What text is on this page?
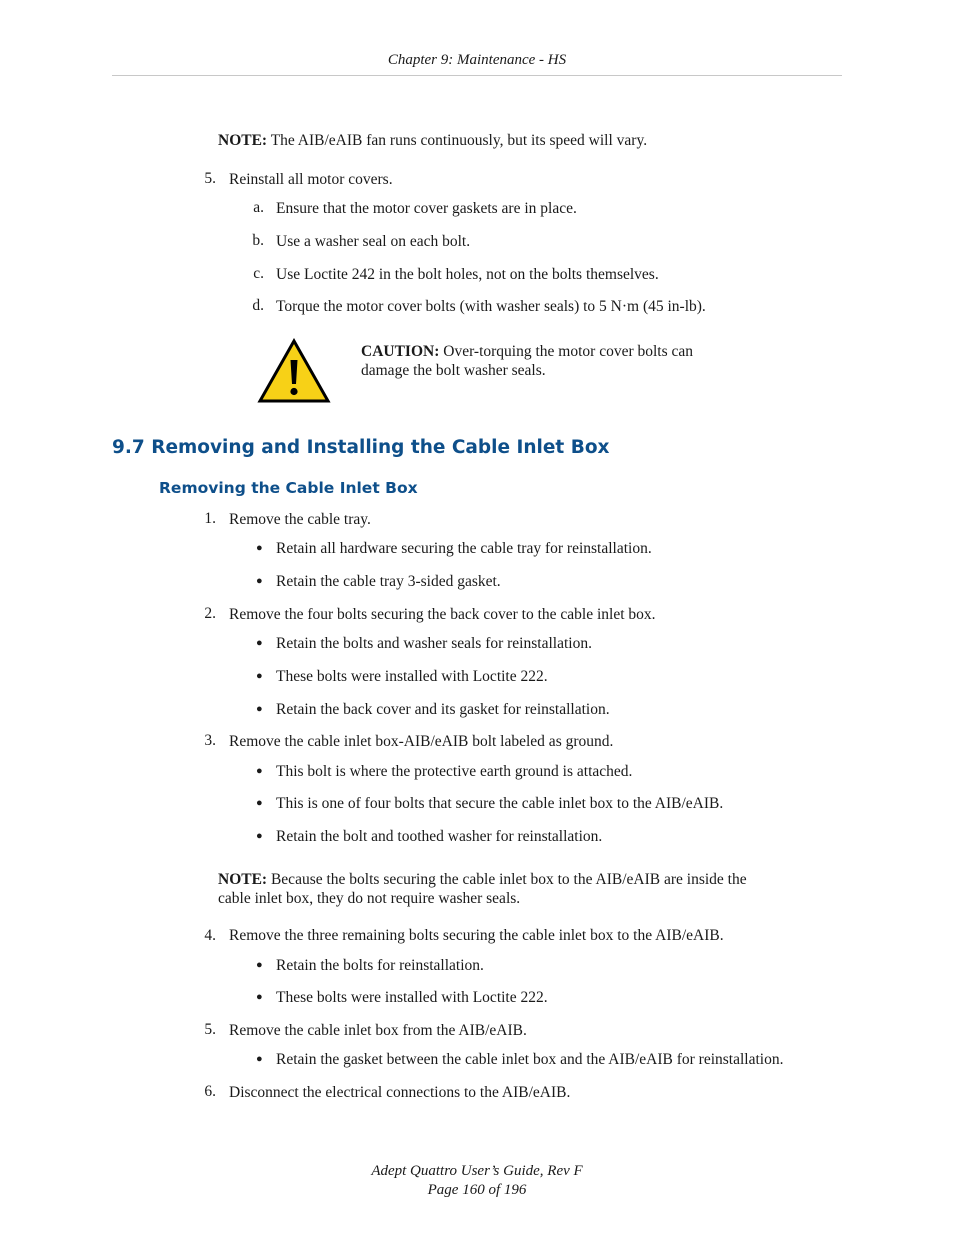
Chapter 9: Maintenance - HS
NOTE: The AIB/eAIB fan runs continuously, but its speed will vary.
5. Reinstall all motor covers.
a. Ensure that the motor cover gaskets are in place.
b. Use a washer seal on each bolt.
c. Use Loctite 242 in the bolt holes, not on the bolts themselves.
d. Torque the motor cover bolts (with washer seals) to 5 N·m (45 in-lb).
CAUTION: Over-torquing the motor cover bolts can
damage the bolt washer seals.
9.7 Removing and Installing the Cable Inlet Box
Removing the Cable Inlet Box
1. Remove the cable tray.
● Retain all hardware securing the cable tray for reinstallation.
● Retain the cable tray 3-sided gasket.
2. Remove the four bolts securing the back cover to the cable inlet box.
● Retain the bolts and washer seals for reinstallation.
● These bolts were installed with Loctite 222.
● Retain the back cover and its gasket for reinstallation.
3. Remove the cable inlet box-AIB/eAIB bolt labeled as ground.
● This bolt is where the protective earth ground is attached.
● This is one of four bolts that secure the cable inlet box to the AIB/eAIB.
● Retain the bolt and toothed washer for reinstallation.
NOTE: Because the bolts securing the cable inlet box to the AIB/eAIB are inside the
cable inlet box, they do not require washer seals.
4. Remove the three remaining bolts securing the cable inlet box to the AIB/eAIB.
● Retain the bolts for reinstallation.
● These bolts were installed with Loctite 222.
5. Remove the cable inlet box from the AIB/eAIB.
● Retain the gasket between the cable inlet box and the AIB/eAIB for reinstallation.
6. Disconnect the electrical connections to the AIB/eAIB.
Adept Quattro User’s Guide, Rev F
Page 160 of 196
